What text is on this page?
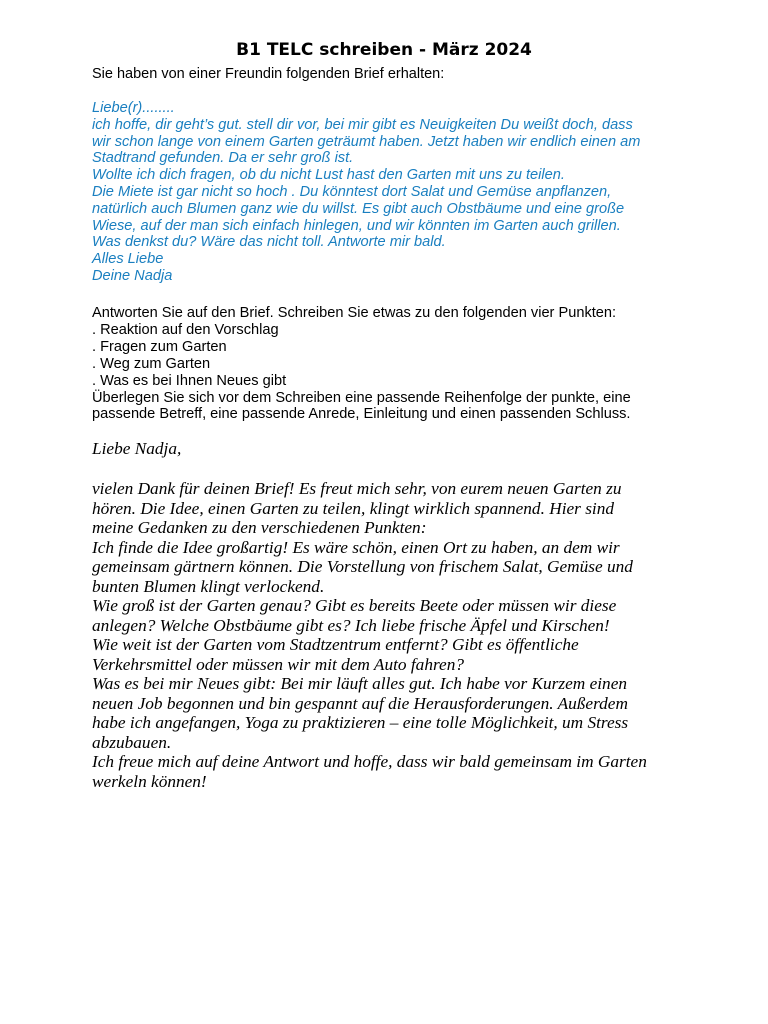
B1 TELC schreiben - März 2024

Sie haben von einer Freundin folgenden Brief erhalten:

Liebe(r)........
ich hoffe, dir geht’s gut. stell dir vor, bei mir gibt es Neuigkeiten Du weißt doch, dass
wir schon lange von einem Garten geträumt haben. Jetzt haben wir endlich einen am
Stadtrand gefunden. Da er sehr groß ist.
Wollte ich dich fragen, ob du nicht Lust hast den Garten mit uns zu teilen.
Die Miete ist gar nicht so hoch . Du könntest dort Salat und Gemüse anpflanzen,
natürlich auch Blumen ganz wie du willst. Es gibt auch Obstbäume und eine große
Wiese, auf der man sich einfach hinlegen, und wir könnten im Garten auch grillen.
Was denkst du? Wäre das nicht toll. Antworte mir bald.
Alles Liebe
Deine Nadja
Antworten Sie auf den Brief. Schreiben Sie etwas zu den folgenden vier Punkten:
. Reaktion auf den Vorschlag
. Fragen zum Garten
. Weg zum Garten
. Was es bei Ihnen Neues gibt
Überlegen Sie sich vor dem Schreiben eine passende Reihenfolge der punkte, eine
passende Betreff, eine passende Anrede, Einleitung und einen passenden Schluss.

Liebe Nadja,

vielen Dank für deinen Brief! Es freut mich sehr, von eurem neuen Garten zu
hören. Die Idee, einen Garten zu teilen, klingt wirklich spannend. Hier sind
meine Gedanken zu den verschiedenen Punkten:
Ich finde die Idee großartig! Es wäre schön, einen Ort zu haben, an dem wir
gemeinsam gärtnern können. Die Vorstellung von frischem Salat, Gemüse und
bunten Blumen klingt verlockend.
Wie groß ist der Garten genau? Gibt es bereits Beete oder müssen wir diese
anlegen? Welche Obstbäume gibt es? Ich liebe frische Äpfel und Kirschen!
Wie weit ist der Garten vom Stadtzentrum entfernt? Gibt es öffentliche
Verkehrsmittel oder müssen wir mit dem Auto fahren?
Was es bei mir Neues gibt: Bei mir läuft alles gut. Ich habe vor Kurzem einen
neuen Job begonnen und bin gespannt auf die Herausforderungen. Außerdem
habe ich angefangen, Yoga zu praktizieren – eine tolle Möglichkeit, um Stress
abzubauen.
Ich freue mich auf deine Antwort und hoffe, dass wir bald gemeinsam im Garten
werkeln können!
